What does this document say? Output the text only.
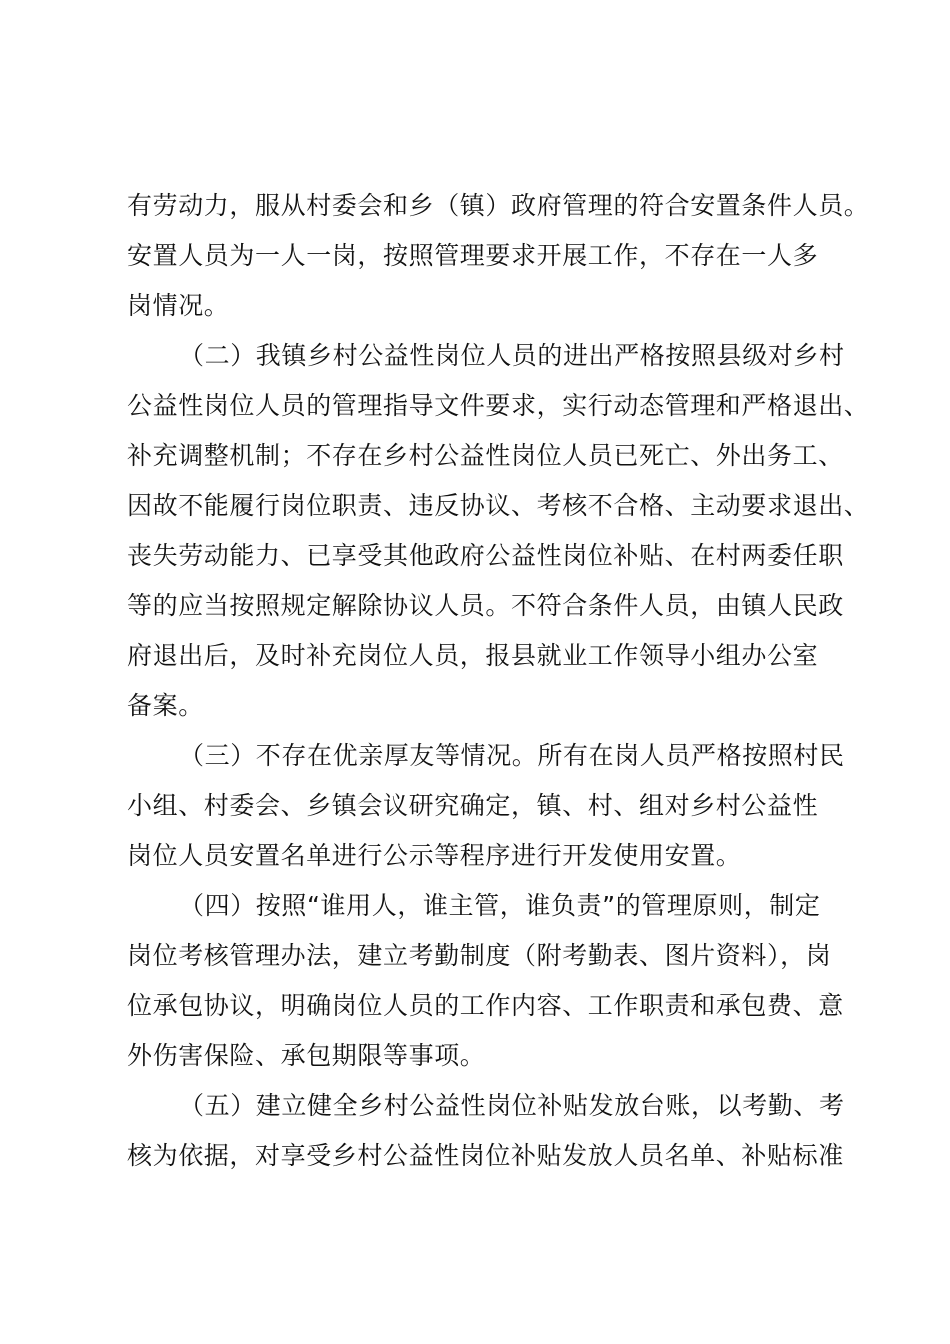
有劳动力，服从村委会和乡（镇）政府管理的符合安置条件人员。
安置人员为一人一岗，按照管理要求开展工作，不存在一人多
岗情况。
（二）我镇乡村公益性岗位人员的进出严格按照县级对乡村
公益性岗位人员的管理指导文件要求，实行动态管理和严格退出、
补充调整机制；不存在乡村公益性岗位人员已死亡、外出务工、
因故不能履行岗位职责、违反协议、考核不合格、主动要求退出、
丧失劳动能力、已享受其他政府公益性岗位补贴、在村两委任职
等的应当按照规定解除协议人员。不符合条件人员，由镇人民政
府退出后，及时补充岗位人员，报县就业工作领导小组办公室
备案。
（三）不存在优亲厚友等情况。所有在岗人员严格按照村民
小组、村委会、乡镇会议研究确定，镇、村、组对乡村公益性
岗位人员安置名单进行公示等程序进行开发使用安置。
（四）按照“谁用人，谁主管，谁负责”的管理原则，制定
岗位考核管理办法，建立考勤制度（附考勤表、图片资料），岗
位承包协议，明确岗位人员的工作内容、工作职责和承包费、意
外伤害保险、承包期限等事项。
（五）建立健全乡村公益性岗位补贴发放台账，以考勤、考
核为依据，对享受乡村公益性岗位补贴发放人员名单、补贴标准
